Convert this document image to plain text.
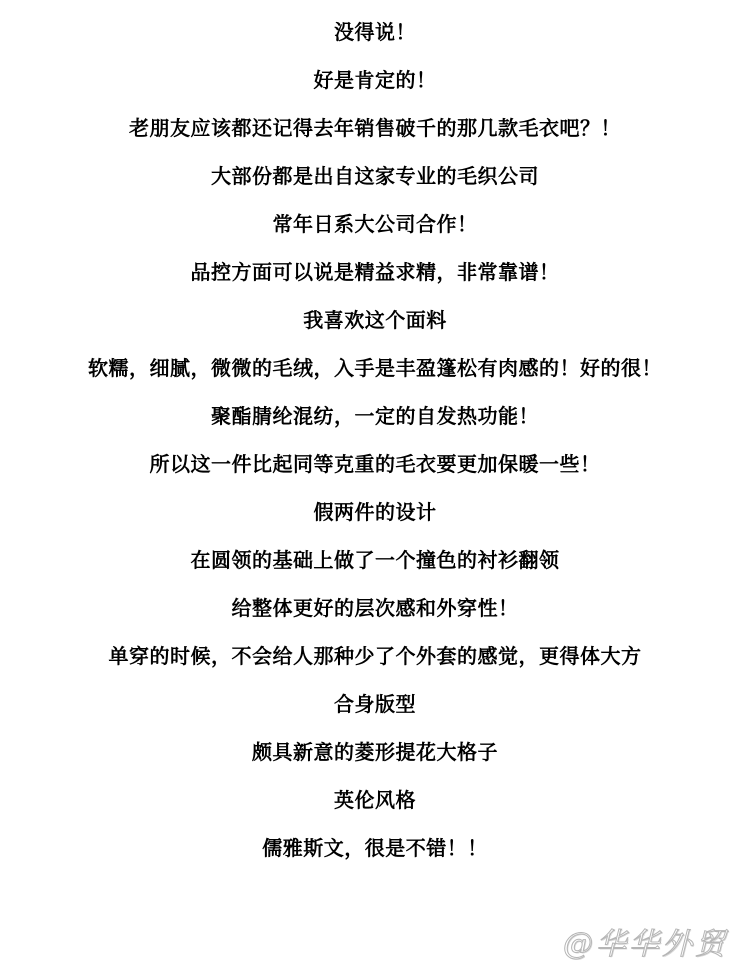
没得说！
好是肯定的！
老朋友应该都还记得去年销售破千的那几款毛衣吧？！
大部份都是出自这家专业的毛织公司
常年日系大公司合作！
品控方面可以说是精益求精，非常靠谱！
我喜欢这个面料
软糯，细腻，微微的毛绒，入手是丰盈篷松有肉感的！好的很！
聚酯腈纶混纺，一定的自发热功能！
所以这一件比起同等克重的毛衣要更加保暖一些！
假两件的设计
在圆领的基础上做了一个撞色的衬衫翻领
给整体更好的层次感和外穿性！
单穿的时候，不会给人那种少了个外套的感觉，更得体大方
合身版型
颇具新意的菱形提花大格子
英伦风格
儒雅斯文，很是不错！！
@华华外贸
